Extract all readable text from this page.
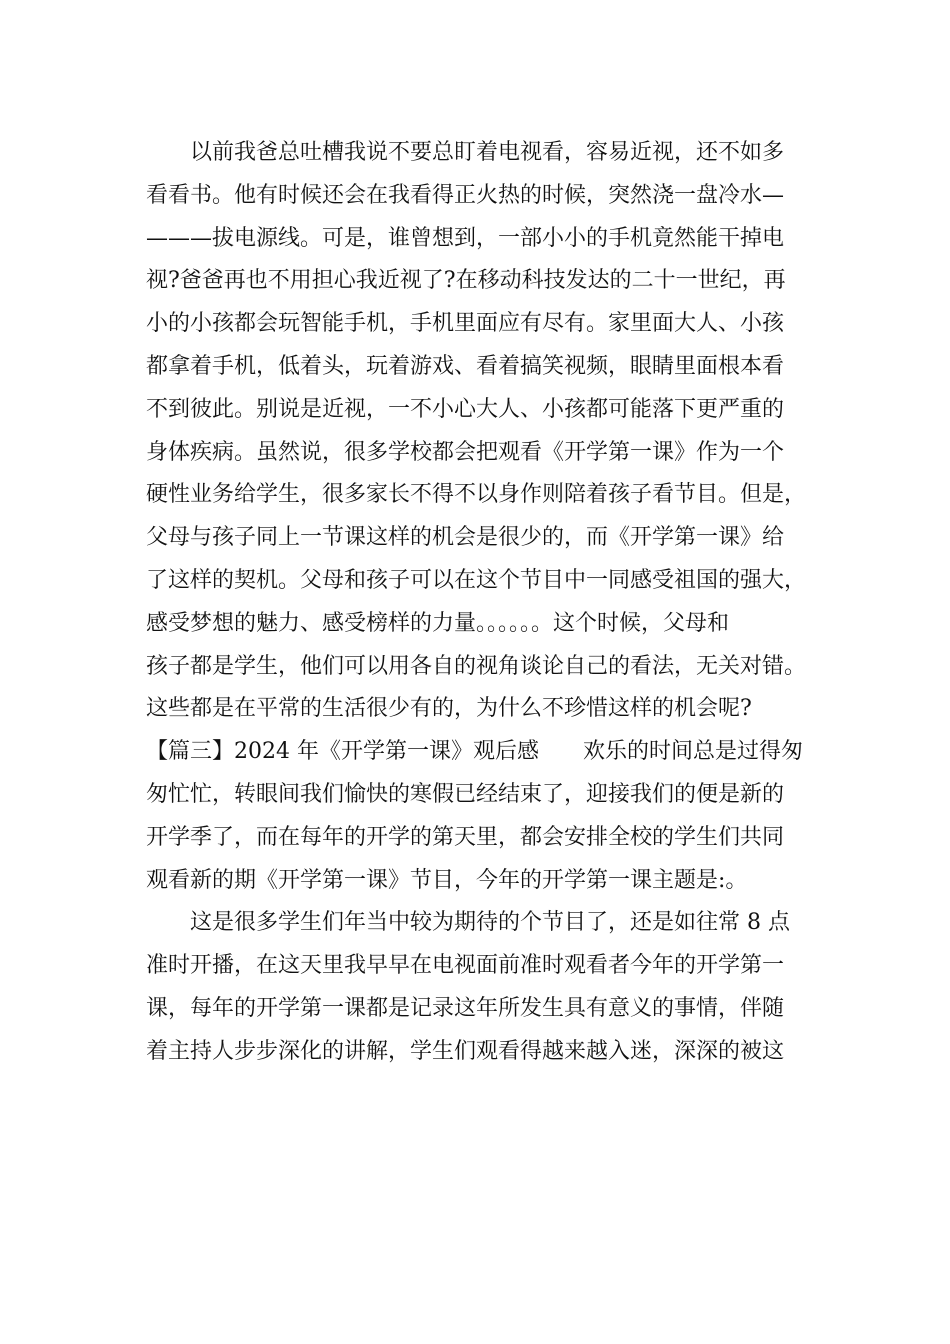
以前我爸总吐槽我说不要总盯着电视看，容易近视，还不如多
看看书。他有时候还会在我看得正火热的时候，突然浇一盘冷水—
———拔电源线。可是，谁曾想到，一部小小的手机竟然能干掉电
视?爸爸再也不用担心我近视了?在移动科技发达的二十一世纪，再
小的小孩都会玩智能手机，手机里面应有尽有。家里面大人、小孩
都拿着手机，低着头，玩着游戏、看着搞笑视频，眼睛里面根本看
不到彼此。别说是近视，一不小心大人、小孩都可能落下更严重的
身体疾病。虽然说，很多学校都会把观看《开学第一课》作为一个
硬性业务给学生，很多家长不得不以身作则陪着孩子看节目。但是，
父母与孩子同上一节课这样的机会是很少的，而《开学第一课》给
了这样的契机。父母和孩子可以在这个节目中一同感受祖国的强大，
感受梦想的魅力、感受榜样的力量。。。。。。这个时候，父母和
孩子都是学生，他们可以用各自的视角谈论自己的看法，无关对错。
这些都是在平常的生活很少有的，为什么不珍惜这样的机会呢?
【篇三】2024 年《开学第一课》观后感　　欢乐的时间总是过得匆
匆忙忙，转眼间我们愉快的寒假已经结束了，迎接我们的便是新的
开学季了，而在每年的开学的第天里，都会安排全校的学生们共同
观看新的期《开学第一课》节目，今年的开学第一课主题是:。
这是很多学生们年当中较为期待的个节目了，还是如往常 8 点
准时开播，在这天里我早早在电视面前准时观看者今年的开学第一
课，每年的开学第一课都是记录这年所发生具有意义的事情，伴随
着主持人步步深化的讲解，学生们观看得越来越入迷，深深的被这
